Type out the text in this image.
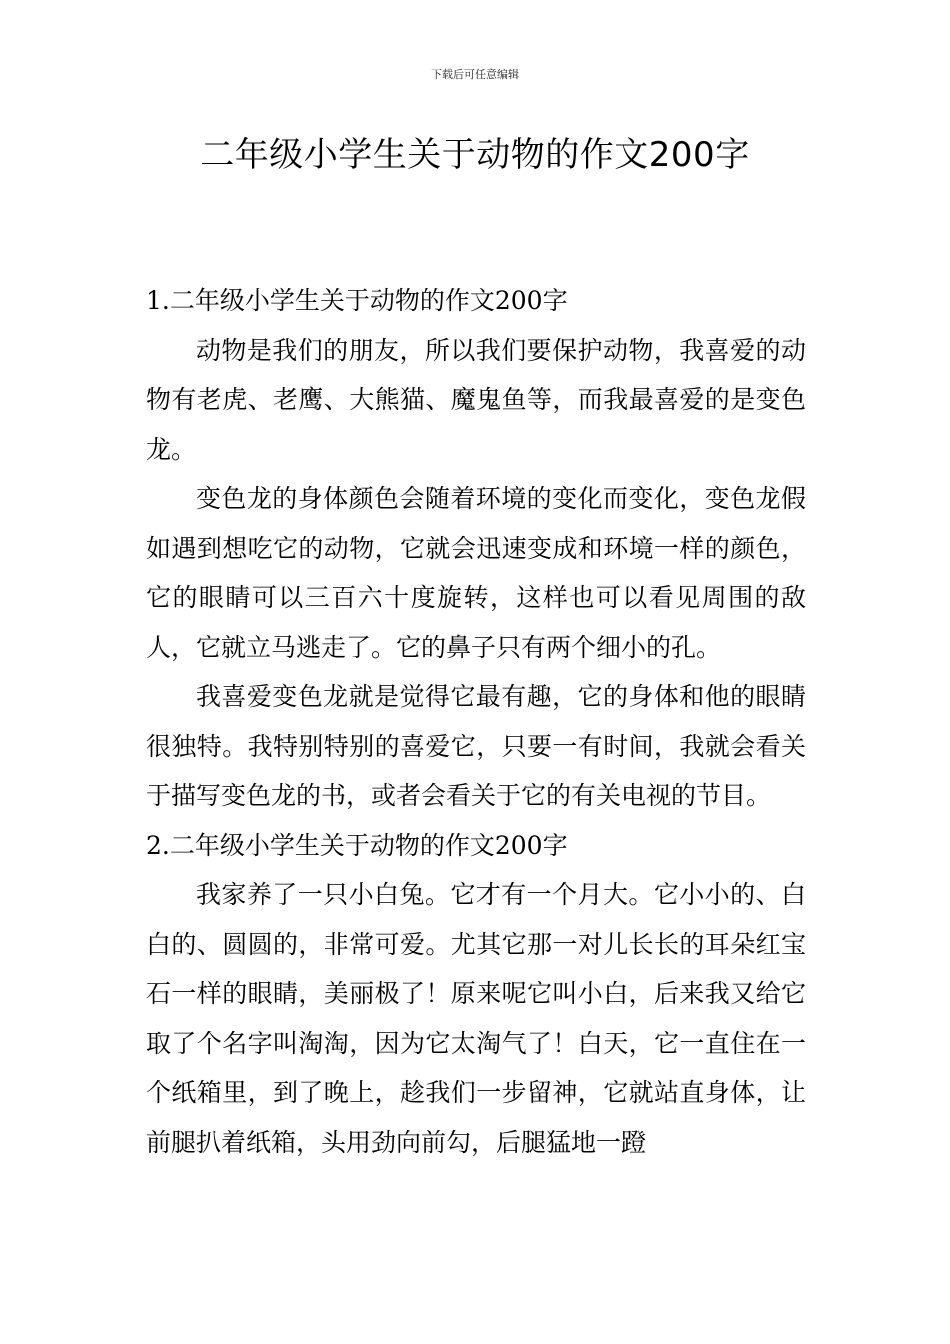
下载后可任意编辑
二年级小学生关于动物的作文200字

1.二年级小学生关于动物的作文200字

动物是我们的朋友，所以我们要保护动物，我喜爱的动物有老虎、老鹰、大熊猫、魔鬼鱼等，而我最喜爱的是变色龙。

变色龙的身体颜色会随着环境的变化而变化，变色龙假如遇到想吃它的动物，它就会迅速变成和环境一样的颜色，它的眼睛可以三百六十度旋转，这样也可以看见周围的敌人，它就立马逃走了。它的鼻子只有两个细小的孔。

我喜爱变色龙就是觉得它最有趣，它的身体和他的眼睛很独特。我特别特别的喜爱它，只要一有时间，我就会看关于描写变色龙的书，或者会看关于它的有关电视的节目。

2.二年级小学生关于动物的作文200字

我家养了一只小白兔。它才有一个月大。它小小的、白白的、圆圆的，非常可爱。尤其它那一对儿长长的耳朵红宝石一样的眼睛，美丽极了！原来呢它叫小白，后来我又给它取了个名字叫淘淘，因为它太淘气了！白天，它一直住在一个纸箱里，到了晚上，趁我们一步留神，它就站直身体，让前腿扒着纸箱，头用劲向前勾，后腿猛地一蹬
